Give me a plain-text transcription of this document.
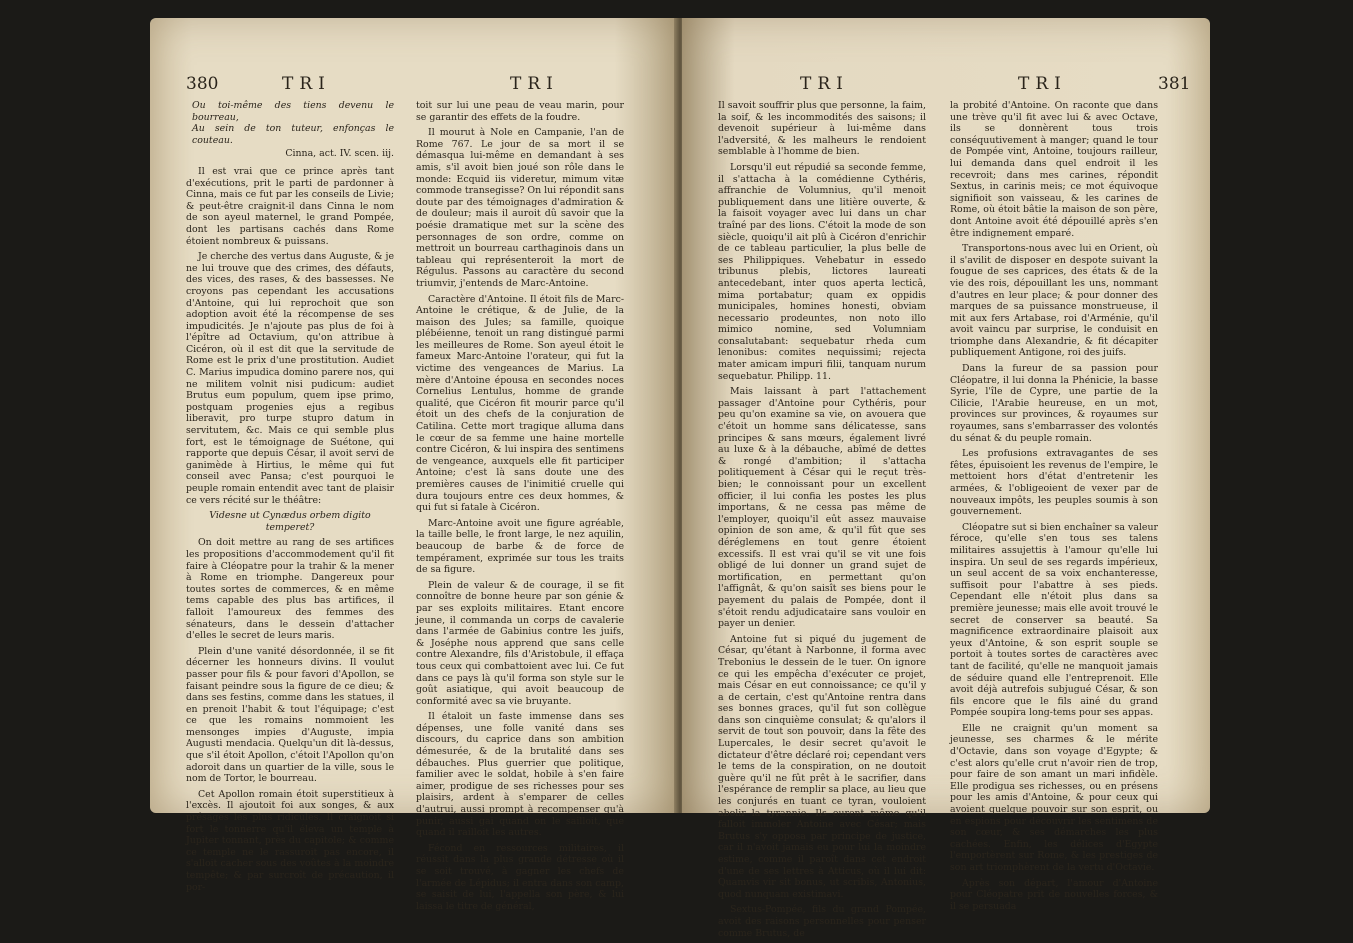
380	TRI	TRI

Ou toi-même des tiens devenu le bourreau,

Au sein de ton tuteur, enfonças le couteau.

Cinna, act. IV. scen. iij.

Il est vrai que ce prince après tant d'exécutions, prit le parti de pardonner à Cinna, mais ce fut par les conseils de Livie; & peut-être craignit-il dans Cinna le nom de son ayeul maternel, le grand Pompée, dont les partisans cachés dans Rome étoient nombreux & puissans.

Je cherche des vertus dans Auguste, & je ne lui trouve que des crimes, des défauts, des vices, des rases, & des bassesses. Ne croyons pas cependant les accusations d'Antoine, qui lui reprochoit que son adoption avoit été la récompense de ses impudicités. Je n'ajoute pas plus de foi à l'épître ad Octavium, qu'on attribue à Cicéron, où il est dit que la servitude de Rome est le prix d'une prostitution. Audiet C. Marius impudica domino parere nos, qui ne militem volnit nisi pudicum: audiet Brutus eum populum, quem ipse primo, postquam progenies ejus a regibus liberavit, pro turpe stupro datum in servitutem, &c. Mais ce qui semble plus fort, est le témoignage de Suétone, qui rapporte que depuis César, il avoit servi de ganimède à Hirtius, le même qui fut conseil avec Pansa; c'est pourquoi le peuple romain entendit avec tant de plaisir ce vers récité sur le théâtre:

Videsne ut Cynædus orbem digito temperet?

On doit mettre au rang de ses artifices les propositions d'accommodement qu'il fit faire à Cléopatre pour la trahir & la mener à Rome en triomphe. Dangereux pour toutes sortes de commerces, & en même tems capable des plus bas artifices, il falloit l'amoureux des femmes des sénateurs, dans le dessein d'attacher d'elles le secret de leurs maris.

Plein d'une vanité désordonnée, il se fit décerner les honneurs divins. Il voulut passer pour fils & pour favori d'Apollon, se faisant peindre sous la figure de ce dieu; & dans ses festins, comme dans les statues, il en prenoit l'habit & tout l'équipage; c'est ce que les romains nommoient les mensonges impies d'Auguste, impia Augusti mendacia. Quelqu'un dit là-dessus, que s'il étoit Apollon, c'étoit l'Apollon qu'on adoroit dans un quartier de la ville, sous le nom de Tortor, le bourreau.

Cet Apollon romain étoit superstitieux à l'excès. Il ajoutoit foi aux songes, & aux présages les plus ridicules. Il craignoit si fort le tonnerre qu'il éleva un temple à Jupiter tonnant, près du capitole; & comme ce temple ne le rassuroit pas encore, il s'alloit cacher sous des voûtes à la moindre tempête; & par surcroît de précaution, il por-

toit sur lui une peau de veau marin, pour se garantir des effets de la foudre.

Il mourut à Nole en Campanie, l'an de Rome 767. Le jour de sa mort il se démasqua lui-même en demandant à ses amis, s'il avoit bien joué son rôle dans le monde: Ecquid iis videretur, mimum vitæ commode transegisse? On lui répondit sans doute par des témoignages d'admiration & de douleur; mais il auroit dû savoir que la poésie dramatique met sur la scène des personnages de son ordre, comme on mettroit un bourreau carthaginois dans un tableau qui représenteroit la mort de Régulus. Passons au caractère du second triumvir, j'entends de Marc-Antoine.

Caractère d'Antoine. Il étoit fils de Marc-Antoine le crétique, & de Julie, de la maison des Jules; sa famille, quoique plébéienne, tenoit un rang distingué parmi les meilleures de Rome. Son ayeul étoit le fameux Marc-Antoine l'orateur, qui fut la victime des vengeances de Marius. La mère d'Antoine épousa en secondes noces Cornelius Lentulus, homme de grande qualité, que Cicéron fit mourir parce qu'il étoit un des chefs de la conjuration de Catilina. Cette mort tragique alluma dans le cœur de sa femme une haine mortelle contre Cicéron, & lui inspira des sentimens de vengeance, auxquels elle fit participer Antoine; c'est là sans doute une des premières causes de l'inimitié cruelle qui dura toujours entre ces deux hommes, & qui fut si fatale à Cicéron.

Marc-Antoine avoit une figure agréable, la taille belle, le front large, le nez aquilin, beaucoup de barbe & de force de tempérament, exprimée sur tous les traits de sa figure.

Plein de valeur & de courage, il se fit connoître de bonne heure par son génie & par ses exploits militaires. Etant encore jeune, il commanda un corps de cavalerie dans l'armée de Gabinius contre les juifs, & Joséphe nous apprend que sans celle contre Alexandre, fils d'Aristobule, il effaça tous ceux qui combattoient avec lui. Ce fut dans ce pays là qu'il forma son style sur le goût asiatique, qui avoit beaucoup de conformité avec sa vie bruyante.

Il étaloit un faste immense dans ses dépenses, une folle vanité dans ses discours, du caprice dans son ambition démesurée, & de la brutalité dans ses débauches. Plus guerrier que politique, familier avec le soldat, hobile à s'en faire aimer, prodigue de ses richesses pour ses plaisirs, ardent à s'emparer de celles d'autrui, aussi prompt à recompenser qu'à punir, aussi gai quand on le sailloit, que quand il railloit les autres.

Fécond en ressources militaires, il réussit dans la plus grande détresse où il se soit trouvé, à gagner les chefs de l'armée de Lépidus; il entra dans son camp, se saisit de lui, l'appella son père, & lui laissa le titre de général,

TRI	TRI	381

Il savoit souffrir plus que personne, la faim, la soif, & les incommodités des saisons; il devenoit supérieur à lui-même dans l'adversité, & les malheurs le rendoient semblable à l'homme de bien.

Lorsqu'il eut répudié sa seconde femme, il s'attacha à la comédienne Cythéris, affranchie de Volumnius, qu'il menoit publiquement dans une litière ouverte, & la faisoit voyager avec lui dans un char traîné par des lions. C'étoit la mode de son siècle, quoiqu'il ait plû à Cicéron d'enrichir de ce tableau particulier, la plus belle de ses Philippiques. Vehebatur in essedo tribunus plebis, lictores laureati antecedebant, inter quos aperta lecticâ, mima portabatur; quam ex oppidis municipales, homines honesti, obviam necessario prodeuntes, non noto illo mimico nomine, sed Volumniam consalutabant: sequebatur rheda cum lenonibus: comites nequissimi; rejecta mater amicam impuri filii, tanquam nurum sequebatur. Philipp. 11.

Mais laissant à part l'attachement passager d'Antoine pour Cythéris, pour peu qu'on examine sa vie, on avouera que c'étoit un homme sans délicatesse, sans principes & sans mœurs, également livré au luxe & à la débauche, abîmé de dettes & rongé d'ambition; il s'attacha politiquement à César qui le reçut très-bien; le connoissant pour un excellent officier, il lui confia les postes les plus importans, & ne cessa pas même de l'employer, quoiqu'il eût assez mauvaise opinion de son ame, & qu'il fût que ses déréglemens en tout genre étoient excessifs. Il est vrai qu'il se vit une fois obligé de lui donner un grand sujet de mortification, en permettant qu'on l'affignât, & qu'on saisît ses biens pour le payement du palais de Pompée, dont il s'étoit rendu adjudicataire sans vouloir en payer un denier.

Antoine fut si piqué du jugement de César, qu'étant à Narbonne, il forma avec Trebonius le dessein de le tuer. On ignore ce qui les empêcha d'exécuter ce projet, mais César en eut connoissance; ce qu'il y a de certain, c'est qu'Antoine rentra dans ses bonnes graces, qu'il fut son collègue dans son cinquième consulat; & qu'alors il servit de tout son pouvoir, dans la fête des Lupercales, le desir secret qu'avoit le dictateur d'être déclaré roi; cependant vers le tems de la conspiration, on ne doutoit guère qu'il ne fût prêt à le sacrifier, dans l'espérance de remplir sa place, au lieu que les conjurés en tuant ce tyran, vouloient abolir la tyrannie. Ils eurent même qu'il falloit immoler Antoine avec César; mais Brutus s'y opposa par principe de justice, car il n'avoit jamais eu pour lui la moindre estime, comme il paroît dans cet endroit d'une de ses lettres à Atticus, où il lui dit: Quamvis vir sit bonus, ut scribis, Antonius, quod nunquam existimavi.

Sextus-Pompée, fils du grand Pompée, avoit des raisons personnelles pour penser comme Brutus, de

la probité d'Antoine. On raconte que dans une trève qu'il fit avec lui & avec Octave, ils se donnèrent tous trois conséquutivement à manger; quand le tour de Pompée vint, Antoine, toujours railleur, lui demanda dans quel endroit il les recevroit; dans mes carines, répondit Sextus, in carinis meis; ce mot équivoque signifioit son vaisseau, & les carines de Rome, où étoit bâtie la maison de son père, dont Antoine avoit été dépouillé après s'en être indignement emparé.

Transportons-nous avec lui en Orient, où il s'avilit de disposer en despote suivant la fougue de ses caprices, des états & de la vie des rois, dépouillant les uns, nommant d'autres en leur place; & pour donner des marques de sa puissance monstrueuse, il mit aux fers Artabase, roi d'Arménie, qu'il avoit vaincu par surprise, le conduisit en triomphe dans Alexandrie, & fit décapiter publiquement Antigone, roi des juifs.

Dans la fureur de sa passion pour Cléopatre, il lui donna la Phénicie, la basse Syrie, l'île de Cypre, une partie de la Cilicie, l'Arabie heureuse, en un mot, provinces sur provinces, & royaumes sur royaumes, sans s'embarrasser des volontés du sénat & du peuple romain.

Les profusions extravagantes de ses fêtes, épuisoient les revenus de l'empire, le mettoient hors d'état d'entretenir les armées, & l'obligeoient de vexer par de nouveaux impôts, les peuples soumis à son gouvernement.

Cléopatre sut si bien enchaîner sa valeur féroce, qu'elle s'en tous ses talens militaires assujettis à l'amour qu'elle lui inspira. Un seul de ses regards impérieux, un seul accent de sa voix enchanteresse, suffisoit pour l'abattre à ses pieds. Cependant elle n'étoit plus dans sa première jeunesse; mais elle avoit trouvé le secret de conserver sa beauté. Sa magnificence extraordinaire plaisoit aux yeux d'Antoine, & son esprit souple se portoit à toutes sortes de caractères avec tant de facilité, qu'elle ne manquoit jamais de séduire quand elle l'entreprenoit. Elle avoit déjà autrefois subjugué César, & son fils encore que le fils ainé du grand Pompée soupira long-tems pour ses appas.

Elle ne craignit qu'un moment sa jeunesse, ses charmes & le mérite d'Octavie, dans son voyage d'Egypte; & c'est alors qu'elle crut n'avoir rien de trop, pour faire de son amant un mari infidèle. Elle prodigua ses richesses, ou en présens pour les amis d'Antoine, & pour ceux qui avoient quelque pouvoir sur son esprit, ou en espions pour découvrir les sentimens de son cœur, & ses démarches les plus cachées. Enfin, les délices d'Egypte l'emportèrent sur Rome, & les prestiges de son art triomphèrent de la vertu d'Octavie.

Après son départ, l'amour d'Antoine pour Cléopatre prit de nouvelles forces, & il se persuada
